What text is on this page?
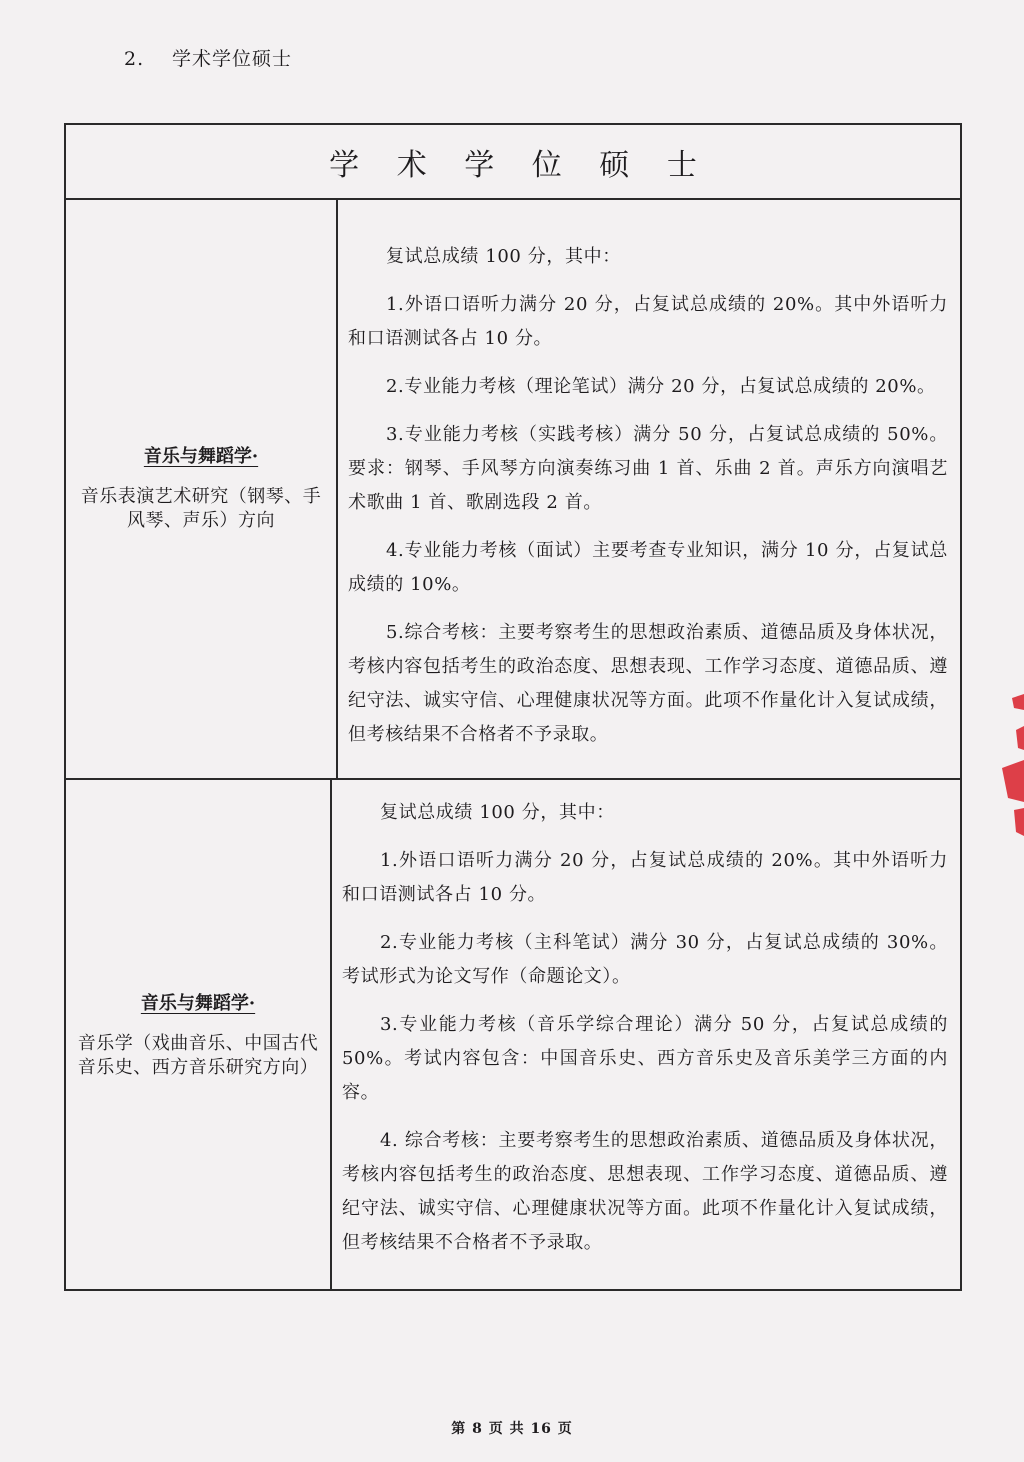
2. 学术学位硕士
学 术 学 位 硕 士
音乐与舞蹈学·
音乐表演艺术研究（钢琴、手风琴、声乐）方向

复试总成绩 100 分，其中：

1.外语口语听力满分 20 分，占复试总成绩的 20%。其中外语听力和口语测试各占 10 分。

2.专业能力考核（理论笔试）满分 20 分，占复试总成绩的 20%。

3.专业能力考核（实践考核）满分 50 分，占复试总成绩的 50%。要求：钢琴、手风琴方向演奏练习曲 1 首、乐曲 2 首。声乐方向演唱艺术歌曲 1 首、歌剧选段 2 首。

4.专业能力考核（面试）主要考查专业知识，满分 10 分，占复试总成绩的 10%。

5.综合考核：主要考察考生的思想政治素质、道德品质及身体状况，考核内容包括考生的政治态度、思想表现、工作学习态度、道德品质、遵纪守法、诚实守信、心理健康状况等方面。此项不作量化计入复试成绩，但考核结果不合格者不予录取。

音乐与舞蹈学·
音乐学（戏曲音乐、中国古代音乐史、西方音乐研究方向）

复试总成绩 100 分，其中：

1.外语口语听力满分 20 分，占复试总成绩的 20%。其中外语听力和口语测试各占 10 分。

2.专业能力考核（主科笔试）满分 30 分，占复试总成绩的 30%。考试形式为论文写作（命题论文）。

3.专业能力考核（音乐学综合理论）满分 50 分，占复试总成绩的 50%。考试内容包含：中国音乐史、西方音乐史及音乐美学三方面的内容。

4. 综合考核：主要考察考生的思想政治素质、道德品质及身体状况，考核内容包括考生的政治态度、思想表现、工作学习态度、道德品质、遵纪守法、诚实守信、心理健康状况等方面。此项不作量化计入复试成绩，但考核结果不合格者不予录取。

第 8 页 共 16 页
